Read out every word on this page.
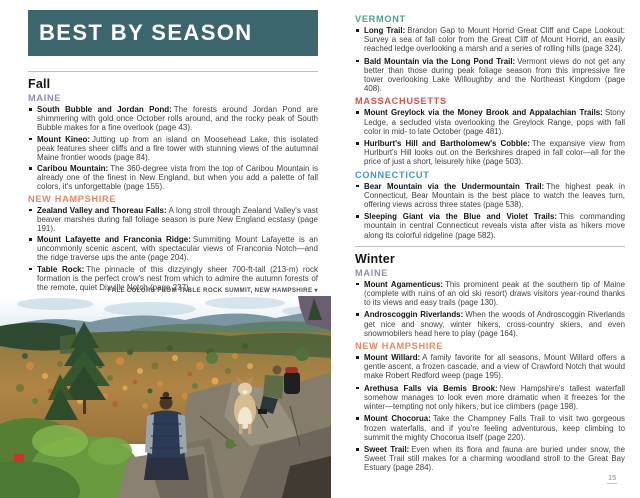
BEST BY SEASON
Fall
MAINE

South Bubble and Jordan Pond: The forests around Jordan Pond are shimmering with gold once October rolls around, and the rocky peak of South Bubble makes for a fine overlook (page 43).

Mount Kineo: Jutting up from an island on Moosehead Lake, this isolated peak features sheer cliffs and a fire tower with stunning views of the autumnal Maine frontier woods (page 84).

Caribou Mountain: The 360-degree vista from the top of Caribou Mountain is already one of the finest in New England, but when you add a palette of fall colors, it's unforgettable (page 155).

NEW HAMPSHIRE

Zealand Valley and Thoreau Falls: A long stroll through Zealand Valley's vast beaver marshes during fall foliage season is pure New England ecstasy (page 191).

Mount Lafayette and Franconia Ridge: Summiting Mount Lafayette is an uncommonly scenic ascent, with spectacular views of Franconia Notch—and the ridge traverse ups the ante (page 204).

Table Rock: The pinnacle of this dizzyingly sheer 700-ft-tall (213-m) rock formation is the perfect crow's nest from which to admire the autumn forests of the remote, quiet Dixville Notch (page 237).

FALL COLORS FROM TABLE ROCK SUMMIT, NEW HAMPSHIRE ▾
VERMONT

Long Trail: Brandon Gap to Mount Horrid Great Cliff and Cape Lookout: Survey a sea of fall color from the Great Cliff of Mount Horrid, an easily reached ledge overlooking a marsh and a series of rolling hills (page 324).

Bald Mountain via the Long Pond Trail: Vermont views do not get any better than those during peak foliage season from this impressive fire tower overlooking Lake Willoughby and the Northeast Kingdom (page 408).

MASSACHUSETTS

Mount Greylock via the Money Brook and Appalachian Trails: Stony Ledge, a secluded vista overlooking the Greylock Range, pops with fall color in mid- to late October (page 481).

Hurlburt's Hill and Bartholomew's Cobble: The expansive view from Hurlburt's Hill looks out on the Berkshires draped in fall color—all for the price of just a short, leisurely hike (page 503).

CONNECTICUT

Bear Mountain via the Undermountain Trail: The highest peak in Connecticut, Bear Mountain is the best place to watch the leaves turn, offering views across three states (page 538).

Sleeping Giant via the Blue and Violet Trails: This commanding mountain in central Connecticut reveals vista after vista as hikers move along its colorful ridgeline (page 582).

Winter
MAINE

Mount Agamenticus: This prominent peak at the southern tip of Maine (complete with ruins of an old ski resort) draws visitors year-round thanks to its views and easy trails (page 130).

Androscoggin Riverlands: When the woods of Androscoggin Riverlands get nice and snowy, winter hikers, cross-country skiers, and even snowmobilers head here to play (page 164).

NEW HAMPSHIRE

Mount Willard: A family favorite for all seasons, Mount Willard offers a gentle ascent, a frozen cascade, and a view of Crawford Notch that would make Robert Redford weep (page 195).

Arethusa Falls via Bemis Brook: New Hampshire's tallest waterfall somehow manages to look even more dramatic when it freezes for the winter—tempting not only hikers, but ice climbers (page 198).

Mount Chocorua: Take the Champney Falls Trail to visit two gorgeous frozen waterfalls, and if you're feeling adventurous, keep climbing to summit the mighty Chocorua itself (page 220).

Sweet Trail: Even when its flora and fauna are buried under snow, the Sweet Trail still makes for a charming woodland stroll to the Great Bay Estuary (page 284).

15
